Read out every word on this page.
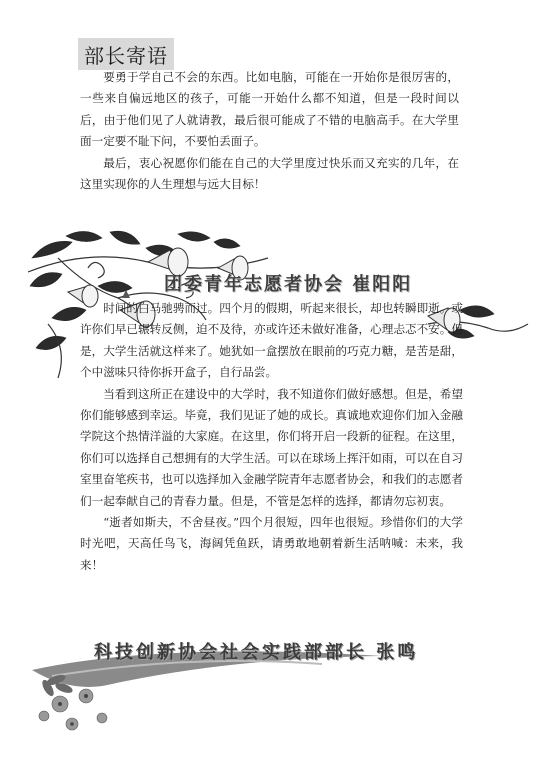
部长寄语

要勇于学自己不会的东西。比如电脑，可能在一开始你是很厉害的，一些来自偏远地区的孩子，可能一开始什么都不知道，但是一段时间以后，由于他们见了人就请教，最后很可能成了不错的电脑高手。在大学里面一定要不耻下问，不要怕丢面子。

最后，衷心祝愿你们能在自己的大学里度过快乐而又充实的几年，在这里实现你的人生理想与远大目标！

团委青年志愿者协会 崔阳阳

时间的白马驰骋而过。四个月的假期，听起来很长，却也转瞬即逝。或许你们早已辗转反侧，迫不及待，亦或许还未做好准备，心理忐忑不安。但是，大学生活就这样来了。她犹如一盒摆放在眼前的巧克力糖，是苦是甜，个中滋味只待你拆开盒子，自行品尝。

当看到这所正在建设中的大学时，我不知道你们做好感想。但是，希望你们能够感到幸运。毕竟，我们见证了她的成长。真诚地欢迎你们加入金融学院这个热情洋溢的大家庭。在这里，你们将开启一段新的征程。在这里，你们可以选择自己想拥有的大学生活。可以在球场上挥汗如雨，可以在自习室里奋笔疾书，也可以选择加入金融学院青年志愿者协会，和我们的志愿者们一起奉献自己的青春力量。但是，不管是怎样的选择，都请勿忘初衷。

“逝者如斯夫，不舍昼夜。”四个月很短，四年也很短。珍惜你们的大学时光吧，天高任鸟飞，海阔凭鱼跃，请勇敢地朝着新生活呐喊：未来，我来！

科技创新协会社会实践部部长 张鸣
